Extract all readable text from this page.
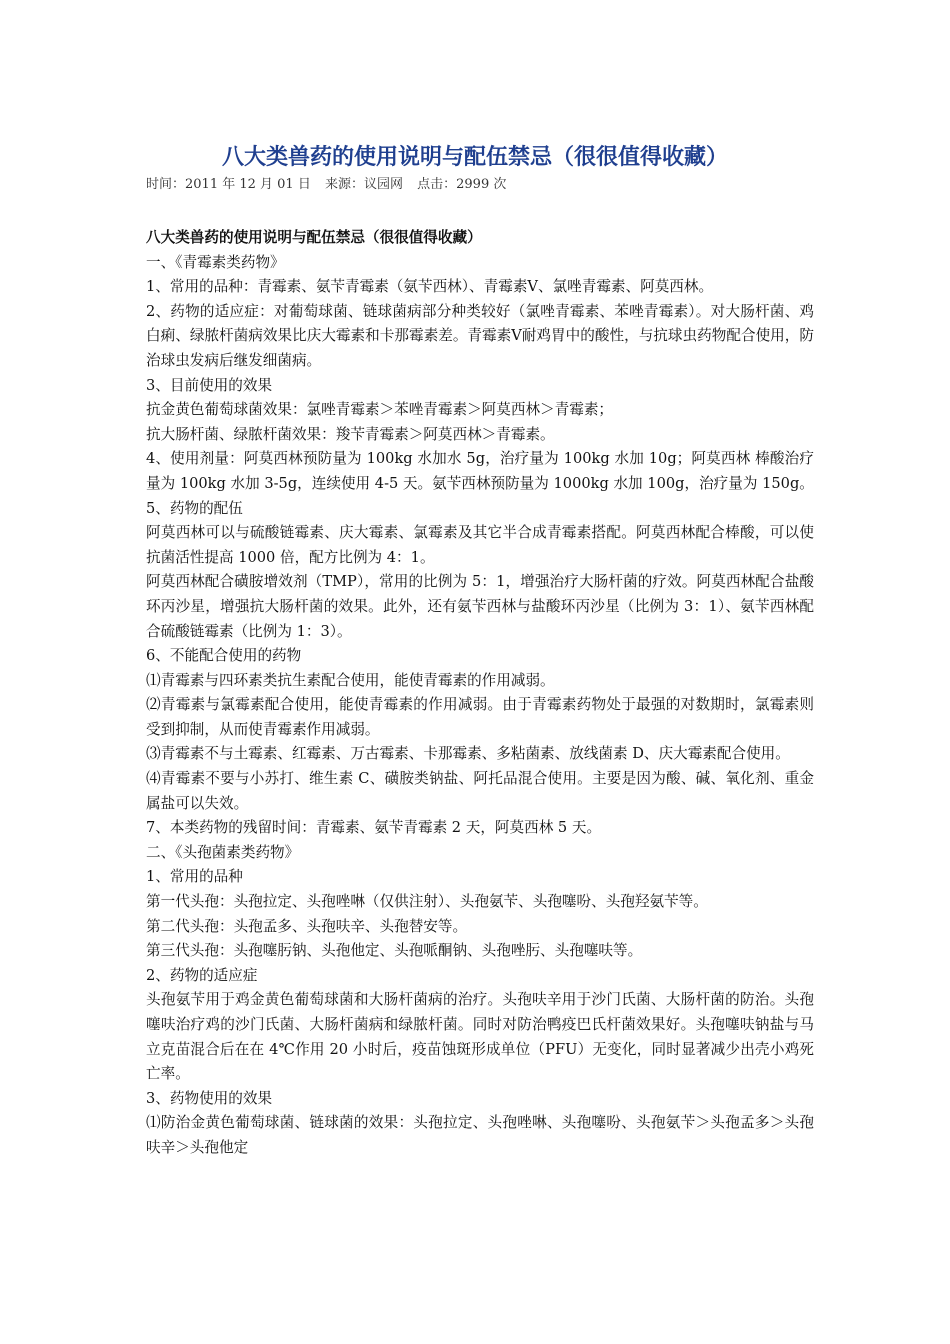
八大类兽药的使用说明与配伍禁忌（很很值得收藏）
时间：2011 年 12 月 01 日 来源：议园网 点击：2999 次

八大类兽药的使用说明与配伍禁忌（很很值得收藏）

一、《青霉素类药物》

1、常用的品种：青霉素、氨苄青霉素（氨苄西林）、青霉素Ⅴ、氯唑青霉素、阿莫西林。

2、药物的适应症：对葡萄球菌、链球菌病部分种类较好（氯唑青霉素、苯唑青霉素）。对大肠杆菌、鸡白痢、绿脓杆菌病效果比庆大霉素和卡那霉素差。青霉素Ⅴ耐鸡胃中的酸性，与抗球虫药物配合使用，防治球虫发病后继发细菌病。

3、目前使用的效果

抗金黄色葡萄球菌效果：氯唑青霉素＞苯唑青霉素＞阿莫西林＞青霉素；

抗大肠杆菌、绿脓杆菌效果：羧苄青霉素＞阿莫西林＞青霉素。

4、使用剂量：阿莫西林预防量为 100kg 水加水 5g，治疗量为 100kg 水加 10g；阿莫西林 棒酸治疗量为 100kg 水加 3-5g，连续使用 4-5 天。氨苄西林预防量为 1000kg 水加 100g，治疗量为 150g。

5、药物的配伍

阿莫西林可以与硫酸链霉素、庆大霉素、氯霉素及其它半合成青霉素搭配。阿莫西林配合棒酸，可以使抗菌活性提高 1000 倍，配方比例为 4：1。

阿莫西林配合磺胺增效剂（TMP），常用的比例为 5：1，增强治疗大肠杆菌的疗效。阿莫西林配合盐酸环丙沙星，增强抗大肠杆菌的效果。此外，还有氨苄西林与盐酸环丙沙星（比例为 3：1）、氨苄西林配合硫酸链霉素（比例为 1：3）。

6、不能配合使用的药物

⑴青霉素与四环素类抗生素配合使用，能使青霉素的作用减弱。

⑵青霉素与氯霉素配合使用，能使青霉素的作用减弱。由于青霉素药物处于最强的对数期时，氯霉素则受到抑制，从而使青霉素作用减弱。

⑶青霉素不与土霉素、红霉素、万古霉素、卡那霉素、多粘菌素、放线菌素 D、庆大霉素配合使用。

⑷青霉素不要与小苏打、维生素 C、磺胺类钠盐、阿托品混合使用。主要是因为酸、碱、氧化剂、重金属盐可以失效。

7、本类药物的残留时间：青霉素、氨苄青霉素 2 天，阿莫西林 5 天。

二、《头孢菌素类药物》

1、常用的品种

第一代头孢：头孢拉定、头孢唑啉（仅供注射）、头孢氨苄、头孢噻吩、头孢羟氨苄等。

第二代头孢：头孢孟多、头孢呋辛、头孢替安等。

第三代头孢：头孢噻肟钠、头孢他定、头孢哌酮钠、头孢唑肟、头孢噻呋等。

2、药物的适应症

头孢氨苄用于鸡金黄色葡萄球菌和大肠杆菌病的治疗。头孢呋辛用于沙门氏菌、大肠杆菌的防治。头孢噻呋治疗鸡的沙门氏菌、大肠杆菌病和绿脓杆菌。同时对防治鸭疫巴氏杆菌效果好。头孢噻呋钠盐与马立克苗混合后在在 4℃作用 20 小时后，疫苗蚀斑形成单位（PFU）无变化，同时显著减少出壳小鸡死亡率。

3、药物使用的效果

⑴防治金黄色葡萄球菌、链球菌的效果：头孢拉定、头孢唑啉、头孢噻吩、头孢氨苄＞头孢孟多＞头孢呋辛＞头孢他定
